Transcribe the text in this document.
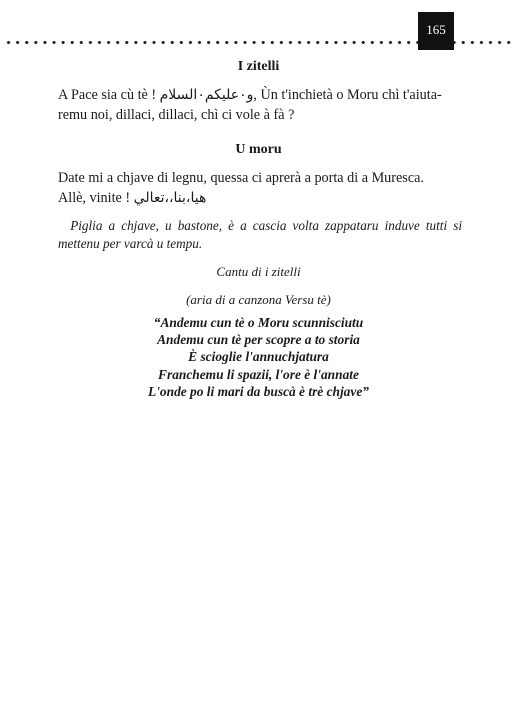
165
I zitelli

A Pace sia cù tè ! و٠عليكم٠السلام, Ùn t'inchietà o Moru chì t'aiuta-
remu noi, dillaci, dillaci, chì ci vole à fà ?

U moru

Date mi a chjave di legnu, quessa ci aprerà a porta di a Muresca.
Allè, vinite ! هيا،بنا،،تعالي

Piglia a chjave, u bastone, è a cascia volta zappataru induve tutti si mettenu per varcà u tempu.

Cantu di i zitelli

(aria di a canzona Versu tè)

“Andemu cun tè o Moru scunnisciutu
Andemu cun tè per scopre a to storia
È scioglie l'annuchjatura
Franchemu li spazii, l'ore è l'annate
L'onde po li mari da buscà è trè chjave”
